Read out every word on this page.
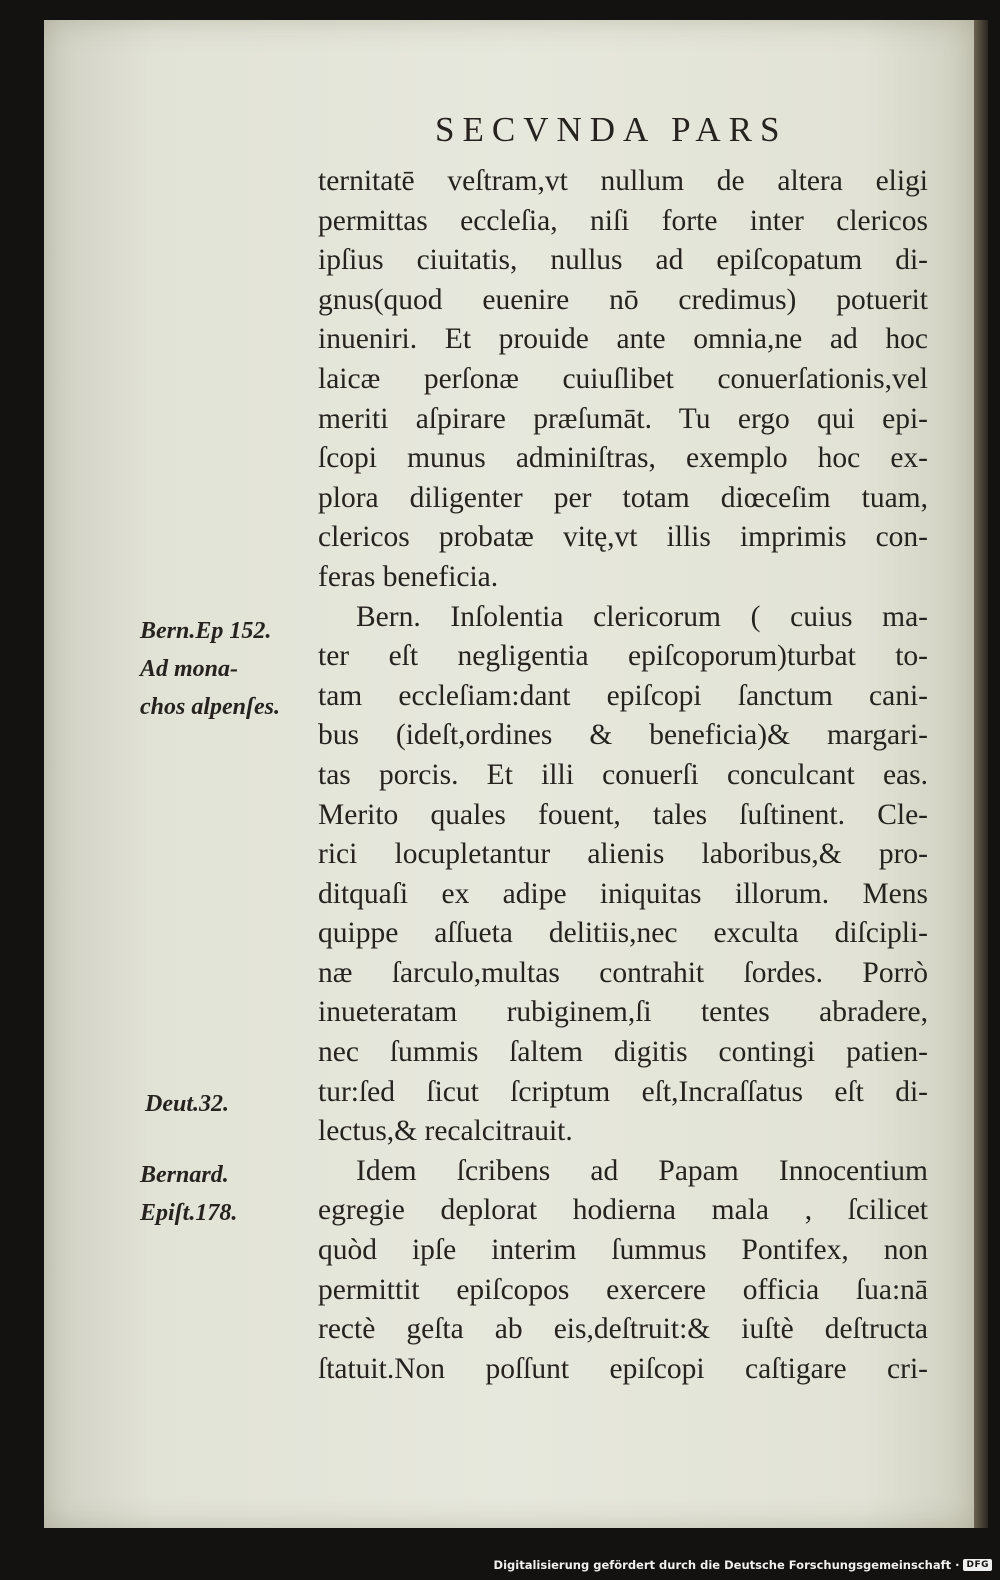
SECVNDA PARS
ternitatē veſtram,vt nullum de altera eligi
permittas eccleſia, niſi forte inter clericos
ipſius ciuitatis, nullus ad epiſcopatum di-
gnus(quod euenire nō credimus) potuerit
inueniri. Et prouide ante omnia,ne ad hoc
laicæ perſonæ cuiuſlibet conuerſationis,vel
meriti aſpirare præſumāt. Tu ergo qui epi-
ſcopi munus adminiſtras, exemplo hoc ex-
plora diligenter per totam diœceſim tuam,
clericos probatæ vitę,vt illis imprimis con-
feras beneficia.
Bern. Inſolentia clericorum ( cuius ma-
ter eſt negligentia epiſcoporum)turbat to-
tam eccleſiam:dant epiſcopi ſanctum cani-
bus (ideſt,ordines & beneficia)& margari-
tas porcis. Et illi conuerſi conculcant eas.
Merito quales fouent, tales ſuſtinent. Cle-
rici locupletantur alienis laboribus,& pro-
ditquaſi ex adipe iniquitas illorum. Mens
quippe aſſueta delitiis,nec exculta diſcipli-
næ ſarculo,multas contrahit ſordes. Porrò
inueteratam rubiginem,ſi tentes abradere,
nec ſummis ſaltem digitis contingi patien-
tur:ſed ſicut ſcriptum eſt,Incraſſatus eſt di-
lectus,& recalcitrauit.
Idem ſcribens ad Papam Innocentium
egregie deplorat hodierna mala , ſcilicet
quòd ipſe interim ſummus Pontifex, non
permittit epiſcopos exercere officia ſua:nā
rectè geſta ab eis,deſtruit:& iuſtè deſtructa
ſtatuit.Non poſſunt epiſcopi caſtigare cri-
Bern.Ep 152.
Ad mona-
chos alpenſes.
Deut.32.
Bernard.
Epiſt.178.
Digitalisierung gefördert durch die Deutsche Forschungsgemeinschaft · DFG
